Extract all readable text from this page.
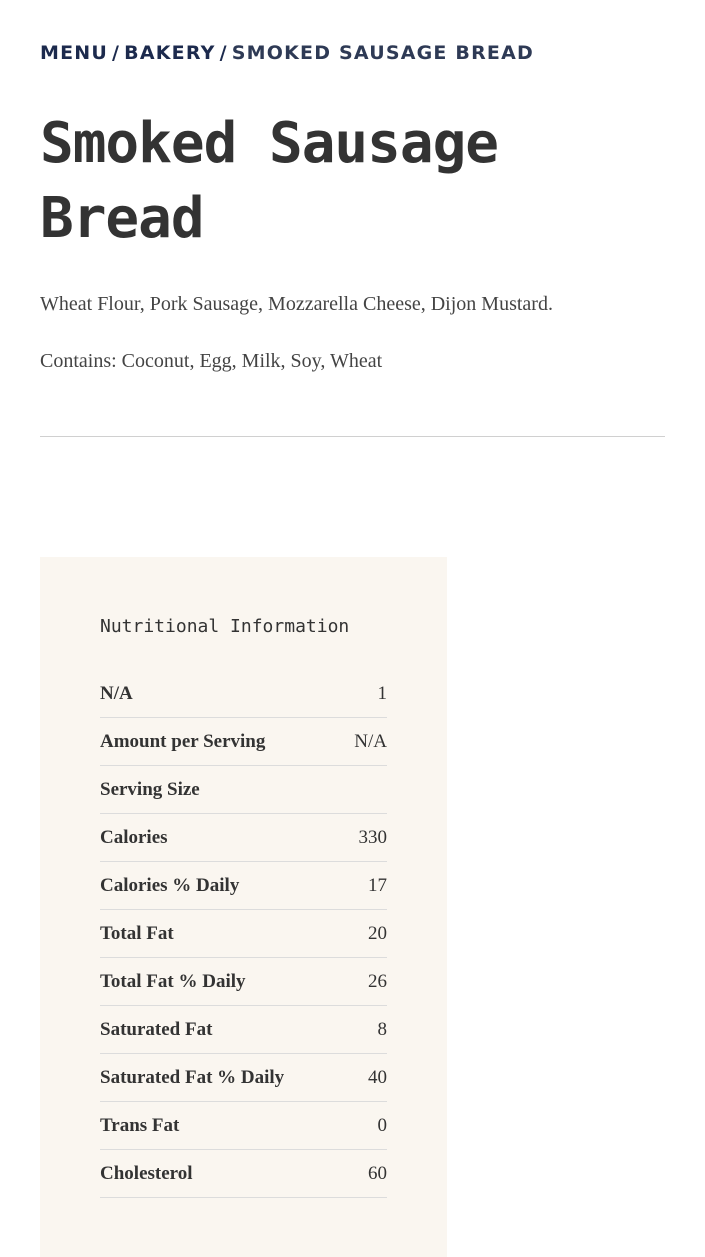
MENU / BAKERY / SMOKED SAUSAGE BREAD
Smoked Sausage Bread

Wheat Flour, Pork Sausage, Mozzarella Cheese, Dijon Mustard.

Contains: Coconut, Egg, Milk, Soy, Wheat

Nutritional Information
N/A	1
Amount per Serving	N/A
Serving Size
Calories	330
Calories % Daily	17
Total Fat	20
Total Fat % Daily	26
Saturated Fat	8
Saturated Fat % Daily	40
Trans Fat	0
Cholesterol	60
